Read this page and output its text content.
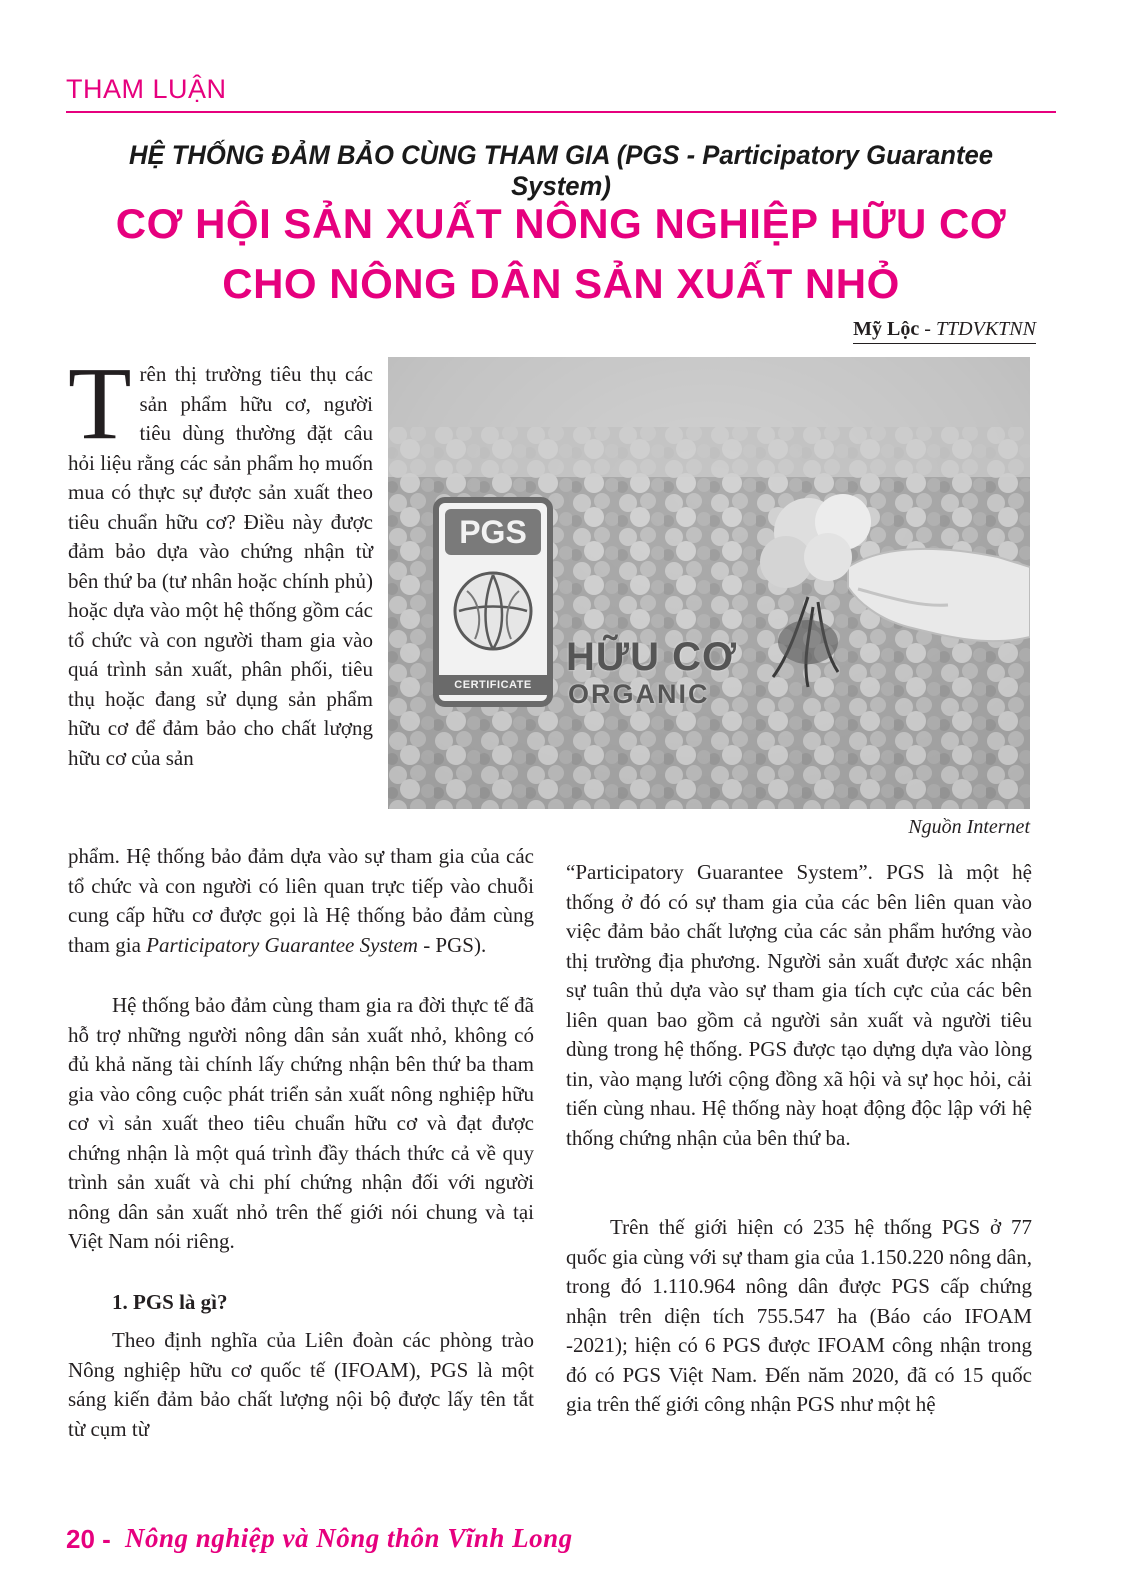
THAM LUẬN
HỆ THỐNG ĐẢM BẢO CÙNG THAM GIA (PGS - Participatory Guarantee System)
CƠ HỘI SẢN XUẤT NÔNG NGHIỆP HỮU CƠ
CHO NÔNG DÂN SẢN XUẤT NHỎ
Mỹ Lộc - TTDVKTNN
PGS
CERTIFICATE
HỮU CƠ
ORGANIC
Nguồn Internet

Trên thị trường tiêu thụ các sản phẩm hữu cơ, người tiêu dùng thường đặt câu hỏi liệu rằng các sản phẩm họ muốn mua có thực sự được sản xuất theo tiêu chuẩn hữu cơ? Điều này được đảm bảo dựa vào chứng nhận từ bên thứ ba (tư nhân hoặc chính phủ) hoặc dựa vào một hệ thống gồm các tổ chức và con người tham gia vào quá trình sản xuất, phân phối, tiêu thụ hoặc đang sử dụng sản phẩm hữu cơ để đảm bảo cho chất lượng hữu cơ của sản

phẩm. Hệ thống bảo đảm dựa vào sự tham gia của các tổ chức và con người có liên quan trực tiếp vào chuỗi cung cấp hữu cơ được gọi là Hệ thống bảo đảm cùng tham gia Participatory Guarantee System - PGS).

Hệ thống bảo đảm cùng tham gia ra đời thực tế đã hỗ trợ những người nông dân sản xuất nhỏ, không có đủ khả năng tài chính lấy chứng nhận bên thứ ba tham gia vào công cuộc phát triển sản xuất nông nghiệp hữu cơ vì sản xuất theo tiêu chuẩn hữu cơ và đạt được chứng nhận là một quá trình đầy thách thức cả về quy trình sản xuất và chi phí chứng nhận đối với người nông dân sản xuất nhỏ trên thế giới nói chung và tại Việt Nam nói riêng.

1. PGS là gì?

Theo định nghĩa của Liên đoàn các phòng trào Nông nghiệp hữu cơ quốc tế (IFOAM), PGS là một sáng kiến đảm bảo chất lượng nội bộ được lấy tên tắt từ cụm từ

“Participatory Guarantee System”. PGS là một hệ thống ở đó có sự tham gia của các bên liên quan vào việc đảm bảo chất lượng của các sản phẩm hướng vào thị trường địa phương. Người sản xuất được xác nhận sự tuân thủ dựa vào sự tham gia tích cực của các bên liên quan bao gồm cả người sản xuất và người tiêu dùng trong hệ thống. PGS được tạo dựng dựa vào lòng tin, vào mạng lưới cộng đồng xã hội và sự học hỏi, cải tiến cùng nhau. Hệ thống này hoạt động độc lập với hệ thống chứng nhận của bên thứ ba.

Trên thế giới hiện có 235 hệ thống PGS ở 77 quốc gia cùng với sự tham gia của 1.150.220 nông dân, trong đó 1.110.964 nông dân được PGS cấp chứng nhận trên diện tích 755.547 ha (Báo cáo IFOAM -2021); hiện có 6 PGS được IFOAM công nhận trong đó có PGS Việt Nam. Đến năm 2020, đã có 15 quốc gia trên thế giới công nhận PGS như một hệ

20 - Nông nghiệp và Nông thôn Vĩnh Long
